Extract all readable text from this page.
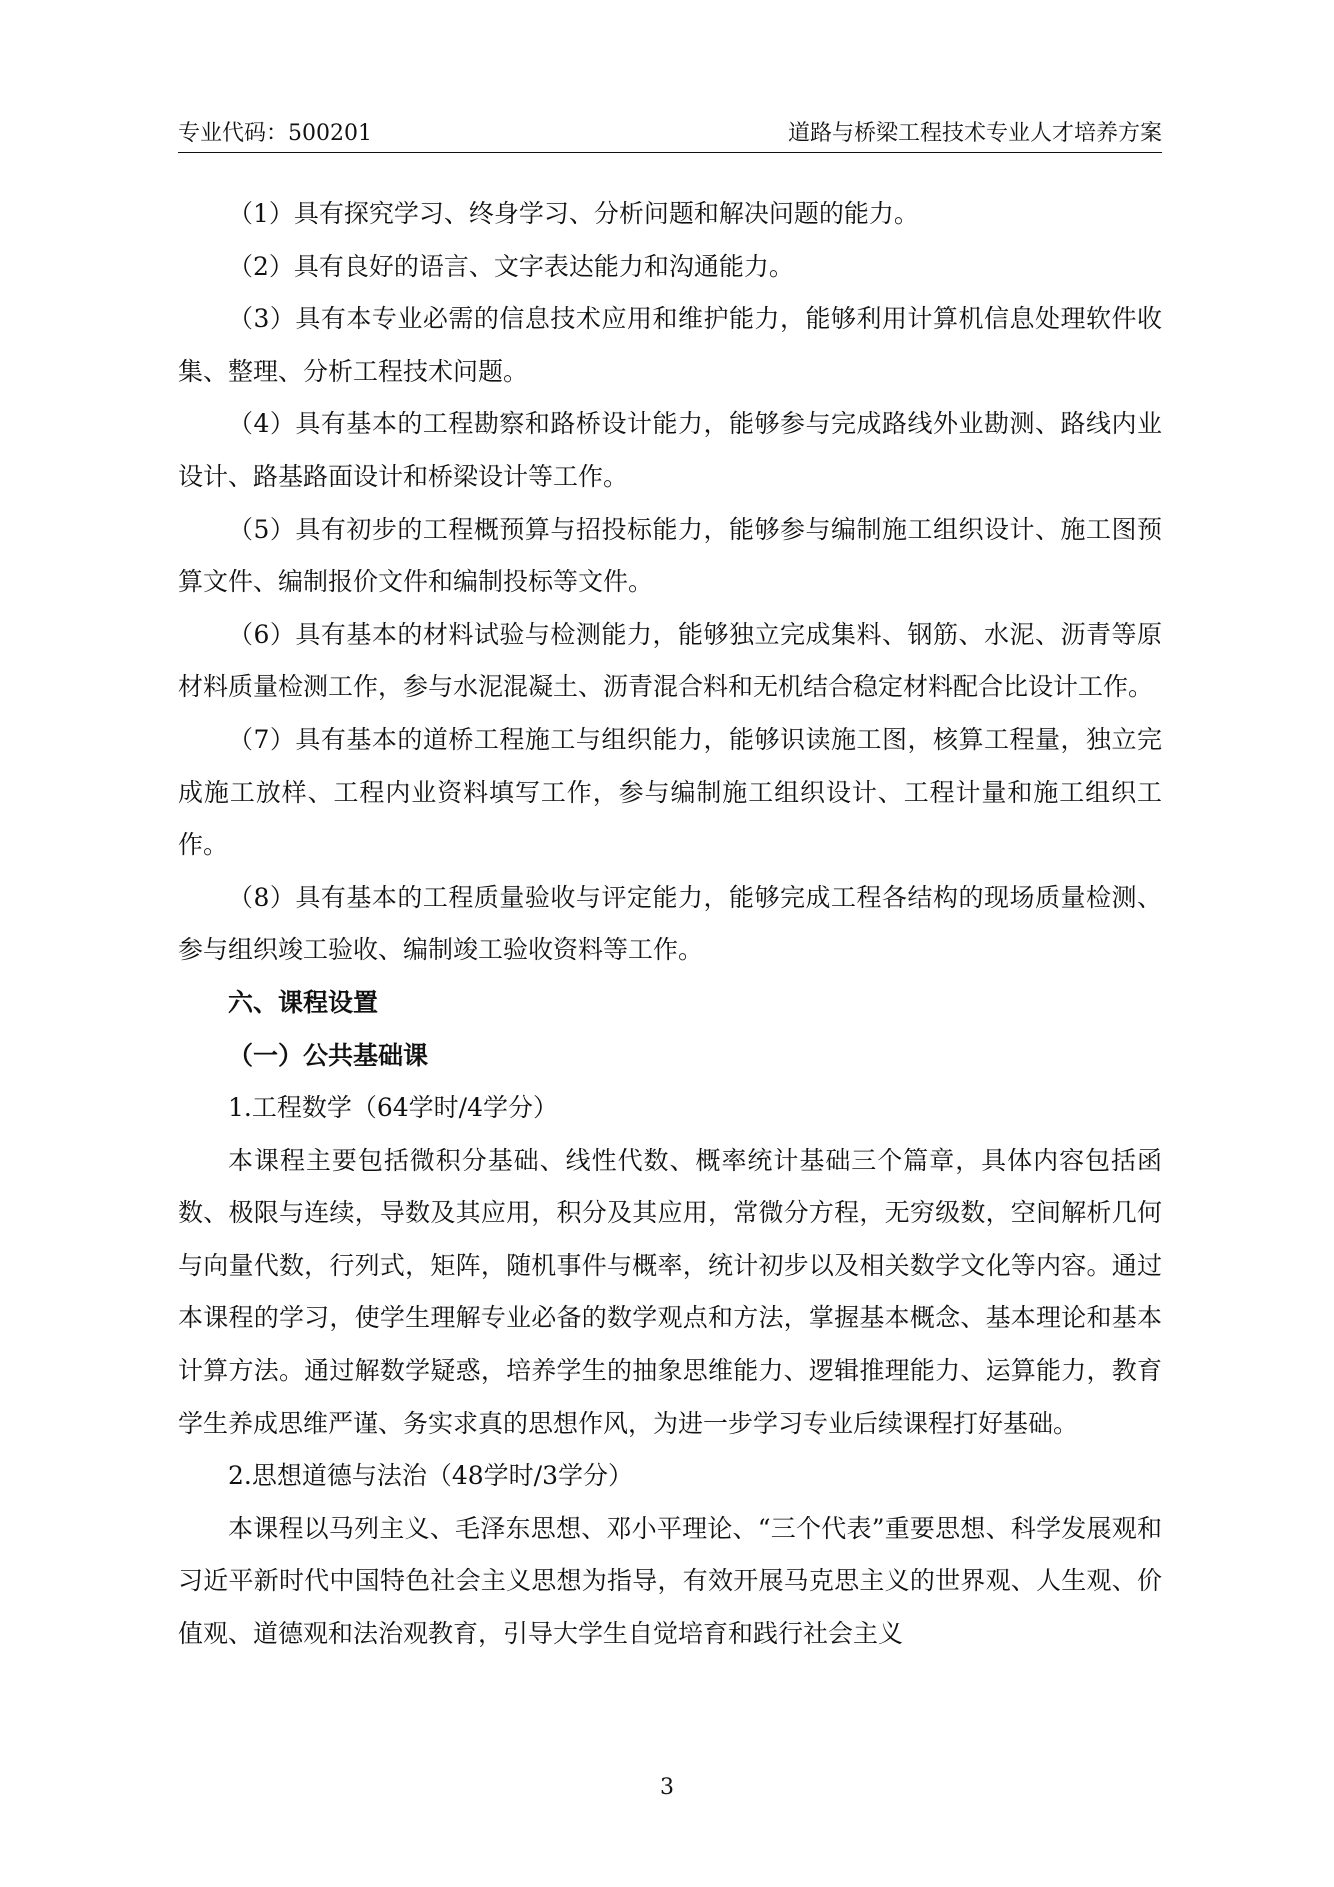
专业代码：500201	道路与桥梁工程技术专业人才培养方案

（1）具有探究学习、终身学习、分析问题和解决问题的能力。

（2）具有良好的语言、文字表达能力和沟通能力。

（3）具有本专业必需的信息技术应用和维护能力，能够利用计算机信息处理软件收集、整理、分析工程技术问题。

（4）具有基本的工程勘察和路桥设计能力，能够参与完成路线外业勘测、路线内业设计、路基路面设计和桥梁设计等工作。

（5）具有初步的工程概预算与招投标能力，能够参与编制施工组织设计、施工图预算文件、编制报价文件和编制投标等文件。

（6）具有基本的材料试验与检测能力，能够独立完成集料、钢筋、水泥、沥青等原材料质量检测工作，参与水泥混凝土、沥青混合料和无机结合稳定材料配合比设计工作。

（7）具有基本的道桥工程施工与组织能力，能够识读施工图，核算工程量，独立完成施工放样、工程内业资料填写工作，参与编制施工组织设计、工程计量和施工组织工作。

（8）具有基本的工程质量验收与评定能力，能够完成工程各结构的现场质量检测、参与组织竣工验收、编制竣工验收资料等工作。

六、课程设置

（一）公共基础课

1.工程数学（64学时/4学分）

本课程主要包括微积分基础、线性代数、概率统计基础三个篇章，具体内容包括函数、极限与连续，导数及其应用，积分及其应用，常微分方程，无穷级数，空间解析几何与向量代数，行列式，矩阵，随机事件与概率，统计初步以及相关数学文化等内容。通过本课程的学习，使学生理解专业必备的数学观点和方法，掌握基本概念、基本理论和基本计算方法。通过解数学疑惑，培养学生的抽象思维能力、逻辑推理能力、运算能力，教育学生养成思维严谨、务实求真的思想作风，为进一步学习专业后续课程打好基础。

2.思想道德与法治（48学时/3学分）

本课程以马列主义、毛泽东思想、邓小平理论、“三个代表”重要思想、科学发展观和习近平新时代中国特色社会主义思想为指导，有效开展马克思主义的世界观、人生观、价值观、道德观和法治观教育，引导大学生自觉培育和践行社会主义

3
